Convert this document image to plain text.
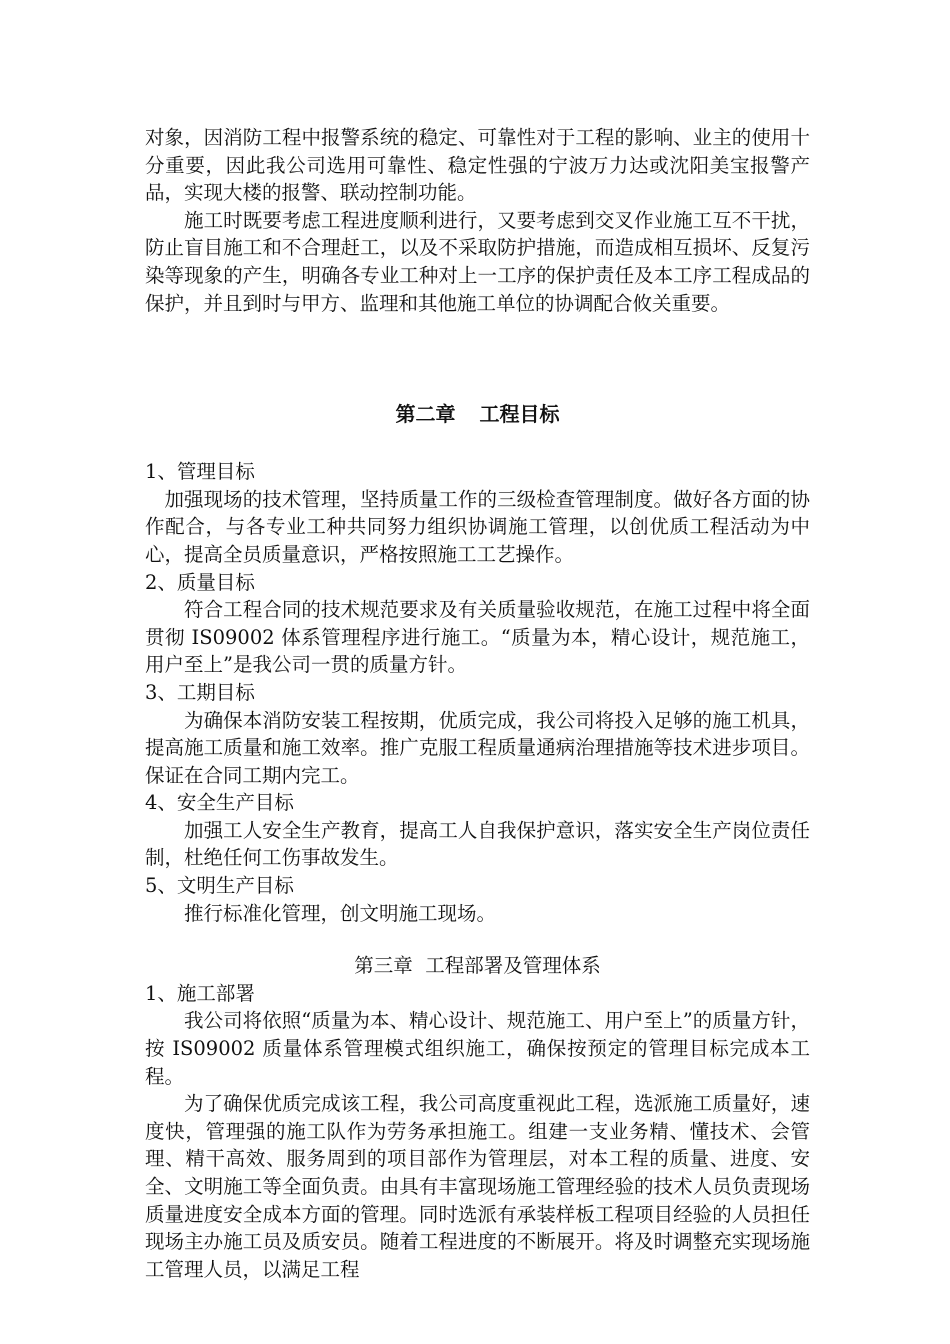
对象，因消防工程中报警系统的稳定、可靠性对于工程的影响、业主的使用十分重要，因此我公司选用可靠性、稳定性强的宁波万力达或沈阳美宝报警产品，实现大楼的报警、联动控制功能。

施工时既要考虑工程进度顺利进行，又要考虑到交叉作业施工互不干扰，防止盲目施工和不合理赶工，以及不采取防护措施，而造成相互损坏、反复污染等现象的产生，明确各专业工种对上一工序的保护责任及本工序工程成品的保护，并且到时与甲方、监理和其他施工单位的协调配合攸关重要。

第二章 工程目标

1、管理目标

加强现场的技术管理，坚持质量工作的三级检查管理制度。做好各方面的协作配合，与各专业工种共同努力组织协调施工管理，以创优质工程活动为中心，提高全员质量意识，严格按照施工工艺操作。

2、质量目标

符合工程合同的技术规范要求及有关质量验收规范，在施工过程中将全面贯彻 IS09002 体系管理程序进行施工。“质量为本，精心设计，规范施工，用户至上”是我公司一贯的质量方针。

3、工期目标

为确保本消防安装工程按期，优质完成，我公司将投入足够的施工机具，提高施工质量和施工效率。推广克服工程质量通病治理措施等技术进步项目。保证在合同工期内完工。

4、安全生产目标

加强工人安全生产教育，提高工人自我保护意识，落实安全生产岗位责任制，杜绝任何工伤事故发生。

5、文明生产目标

推行标准化管理，创文明施工现场。

第三章  工程部署及管理体系

1、施工部署

我公司将依照“质量为本、精心设计、规范施工、用户至上”的质量方针，按 IS09002 质量体系管理模式组织施工，确保按预定的管理目标完成本工程。

为了确保优质完成该工程，我公司高度重视此工程，选派施工质量好，速度快，管理强的施工队作为劳务承担施工。组建一支业务精、懂技术、会管理、精干高效、服务周到的项目部作为管理层，对本工程的质量、进度、安全、文明施工等全面负责。由具有丰富现场施工管理经验的技术人员负责现场质量进度安全成本方面的管理。同时选派有承装样板工程项目经验的人员担任现场主办施工员及质安员。随着工程进度的不断展开。将及时调整充实现场施工管理人员，以满足工程
